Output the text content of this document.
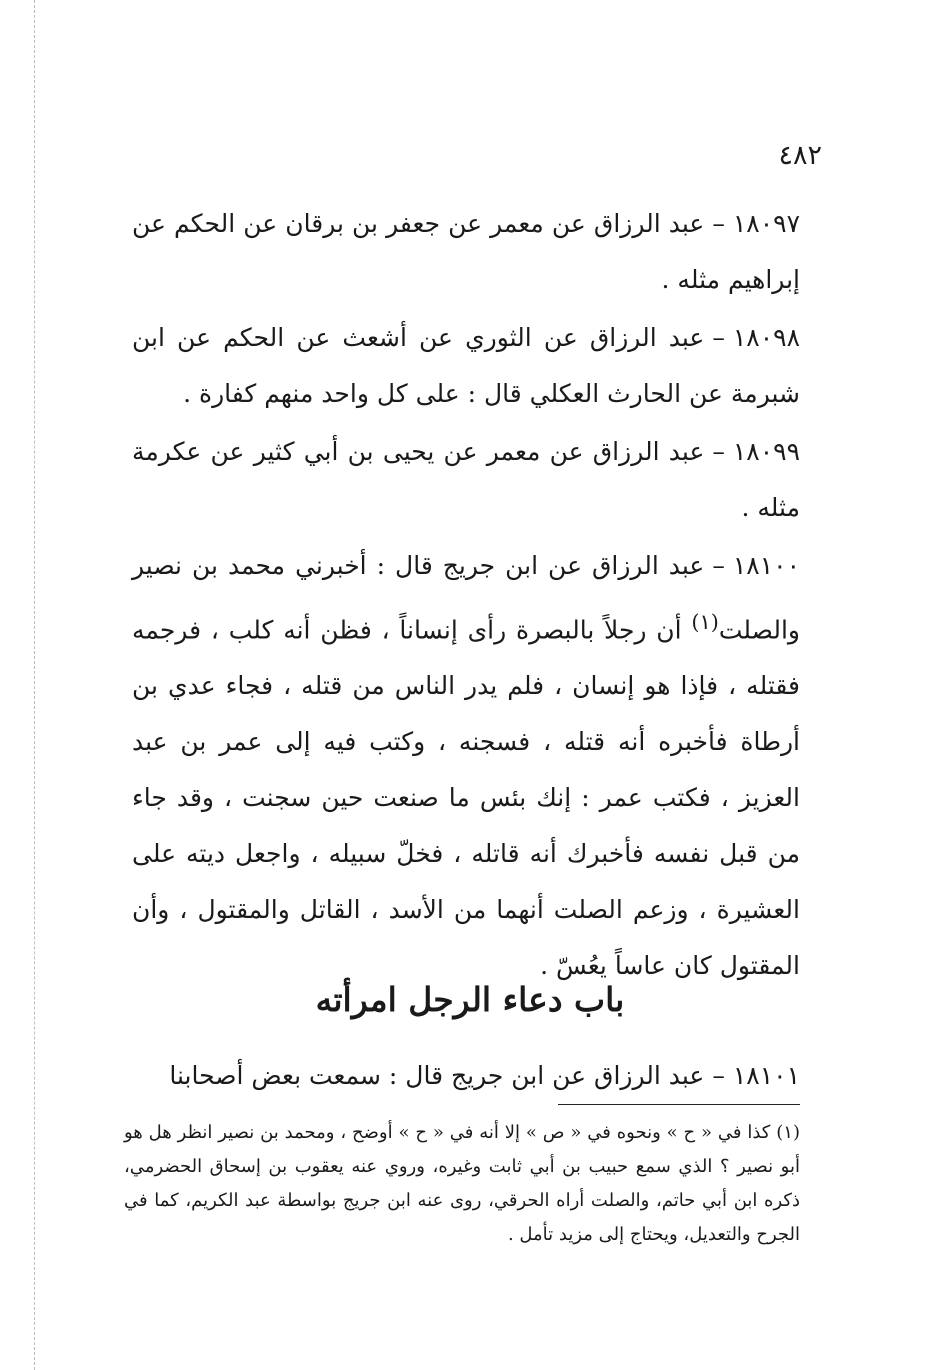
٤٨٢

١٨٠٩٧–عبد الرزاق عن معمر عن جعفر بن برقان عن الحكم عن إبراهيم مثله .

١٨٠٩٨–عبد الرزاق عن الثوري عن أشعث عن الحكم عن ابن شبرمة عن الحارث العكلي قال : على كل واحد منهم كفارة .

١٨٠٩٩–عبد الرزاق عن معمر عن يحيى بن أبي كثير عن عكرمة مثله .

١٨١٠٠–عبد الرزاق عن ابن جريج قال : أخبرني محمد بن نصير والصلت$^{(١)}$ أن رجلاً بالبصرة رأى إنساناً ، فظن أنه كلب ، فرجمه فقتله ، فإذا هو إنسان ، فلم يدر الناس من قتله ، فجاء عدي بن أرطاة فأخبره أنه قتله ، فسجنه ، وكتب فيه إلى عمر بن عبد العزيز ، فكتب عمر : إنك بئس ما صنعت حين سجنت ، وقد جاء من قبل نفسه فأخبرك أنه قاتله ، فخلّ سبيله ، واجعل ديته على العشيرة ، وزعم الصلت أنهما من الأسد ، القاتل والمقتول ، وأن المقتول كان عاساً يعُسّ .

باب دعاء الرجل امرأته
١٨١٠١–عبد الرزاق عن ابن جريج قال : سمعت بعض أصحابنا
(١) كذا في « ح » ونحوه في « ص » إلا أنه في « ح » أوضح ، ومحمد بن نصير انظر هل هو أبو نصير ؟ الذي سمع حبيب بن أبي ثابت وغيره، وروي عنه يعقوب بن إسحاق الحضرمي، ذكره ابن أبي حاتم، والصلت أراه الحرقي، روى عنه ابن جريج بواسطة عبد الكريم، كما في الجرح والتعديل، ويحتاج إلى مزيد تأمل .
